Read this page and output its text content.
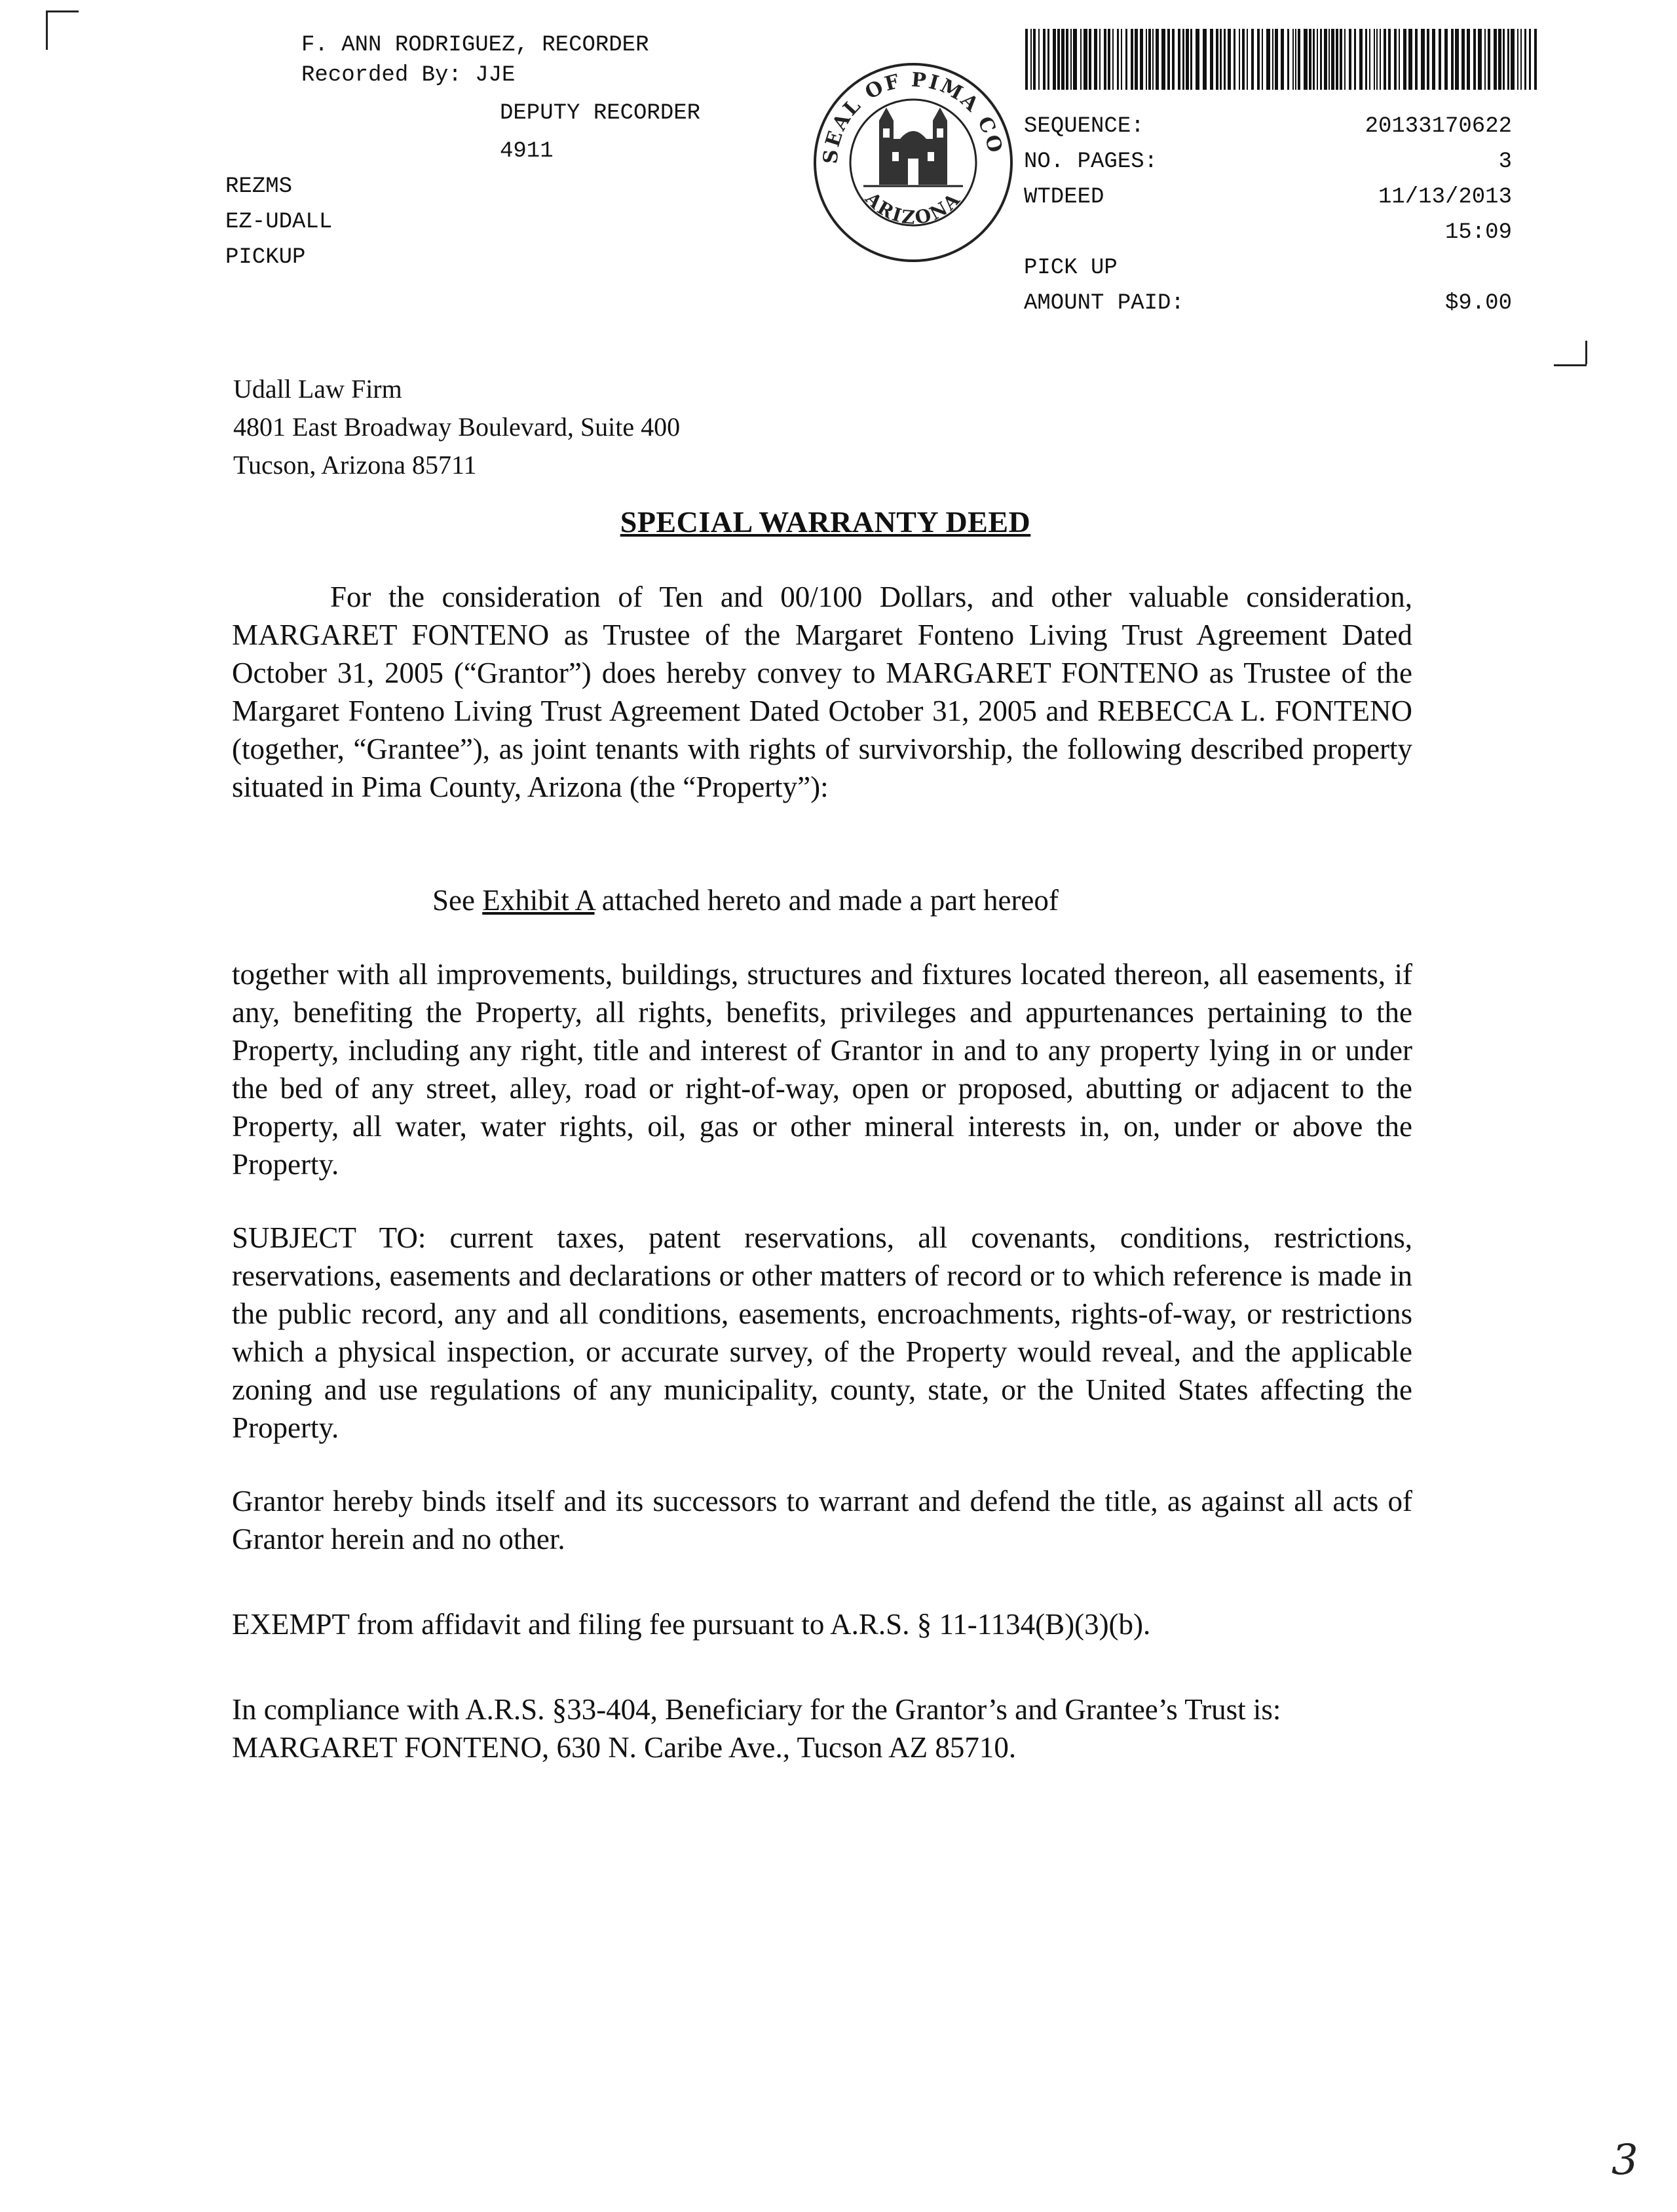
F. ANN RODRIGUEZ, RECORDER
Recorded By: JJE
DEPUTY RECORDER
4911
REZMS
EZ-UDALL
PICKUP
SEAL OF PIMA CO
ARIZONA
SEQUENCE:	20133170622
NO. PAGES:	3
WTDEED	11/13/2013
15:09
PICK UP
AMOUNT PAID:	$9.00
Udall Law Firm
4801 East Broadway Boulevard, Suite 400
Tucson, Arizona 85711
SPECIAL WARRANTY DEED
For the consideration of Ten and 00/100 Dollars, and other valuable consideration, MARGARET FONTENO as Trustee of the Margaret Fonteno Living Trust Agreement Dated October 31, 2005 (“Grantor”) does hereby convey to MARGARET FONTENO as Trustee of the Margaret Fonteno Living Trust Agreement Dated October 31, 2005 and REBECCA L. FONTENO (together, “Grantee”), as joint tenants with rights of survivorship, the following described property situated in Pima County, Arizona (the “Property”):
See Exhibit A attached hereto and made a part hereof
together with all improvements, buildings, structures and fixtures located thereon, all easements, if any, benefiting the Property, all rights, benefits, privileges and appurtenances pertaining to the Property, including any right, title and interest of Grantor in and to any property lying in or under the bed of any street, alley, road or right-of-way, open or proposed, abutting or adjacent to the Property, all water, water rights, oil, gas or other mineral interests in, on, under or above the Property.
SUBJECT TO: current taxes, patent reservations, all covenants, conditions, restrictions, reservations, easements and declarations or other matters of record or to which reference is made in the public record, any and all conditions, easements, encroachments, rights-of-way, or restrictions which a physical inspection, or accurate survey, of the Property would reveal, and the applicable zoning and use regulations of any municipality, county, state, or the United States affecting the Property.
Grantor hereby binds itself and its successors to warrant and defend the title, as against all acts of Grantor herein and no other.
EXEMPT from affidavit and filing fee pursuant to A.R.S. § 11-1134(B)(3)(b).
In compliance with A.R.S. §33-404, Beneficiary for the Grantor’s and Grantee’s Trust is:
MARGARET FONTENO, 630 N. Caribe Ave., Tucson AZ 85710.
3
